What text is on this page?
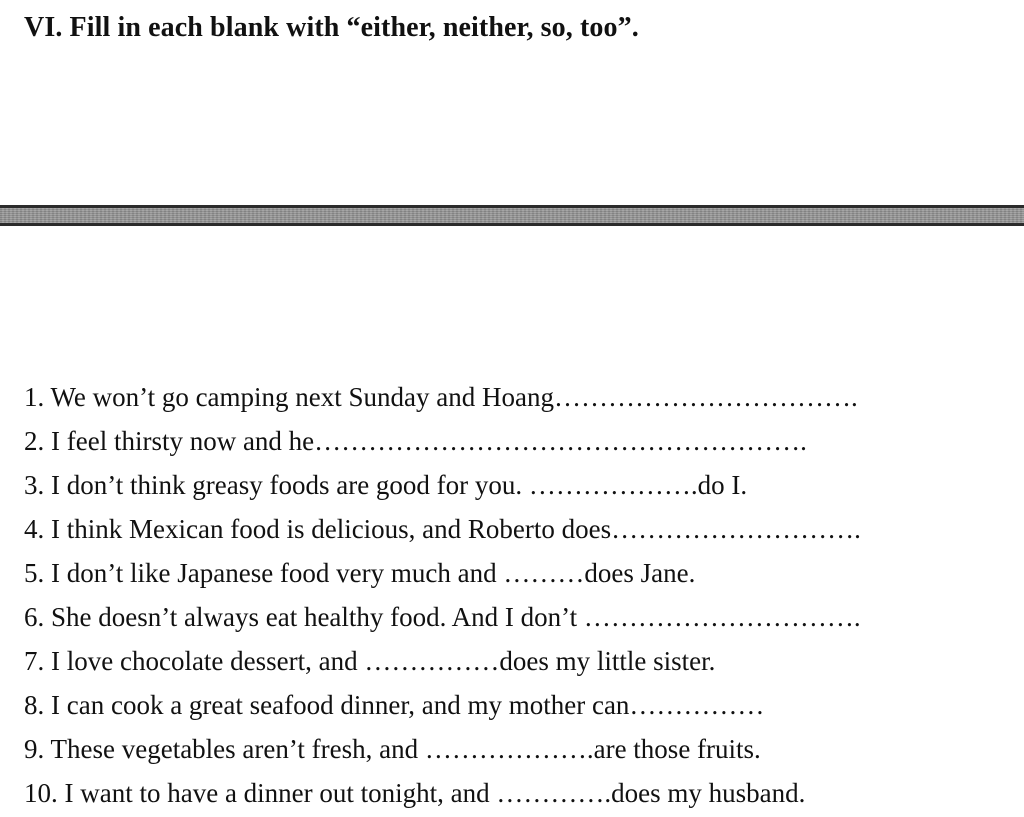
VI. Fill in each blank with “either, neither, so, too”.
1. We won’t go camping next Sunday and Hoang…………………………….
2. I feel thirsty now and he……………………………………………….
3. I don’t think greasy foods are good for you. ……………….do I.
4. I think Mexican food is delicious, and Roberto does……………………….
5. I don’t like Japanese food very much and ………does Jane.
6. She doesn’t always eat healthy food. And I don’t ………………………….
7. I love chocolate dessert, and ……………does my little sister.
8. I can cook a great seafood dinner, and my mother can……………
9. These vegetables aren’t fresh, and ……………….are those fruits.
10. I want to have a dinner out tonight, and ………….does my husband.
